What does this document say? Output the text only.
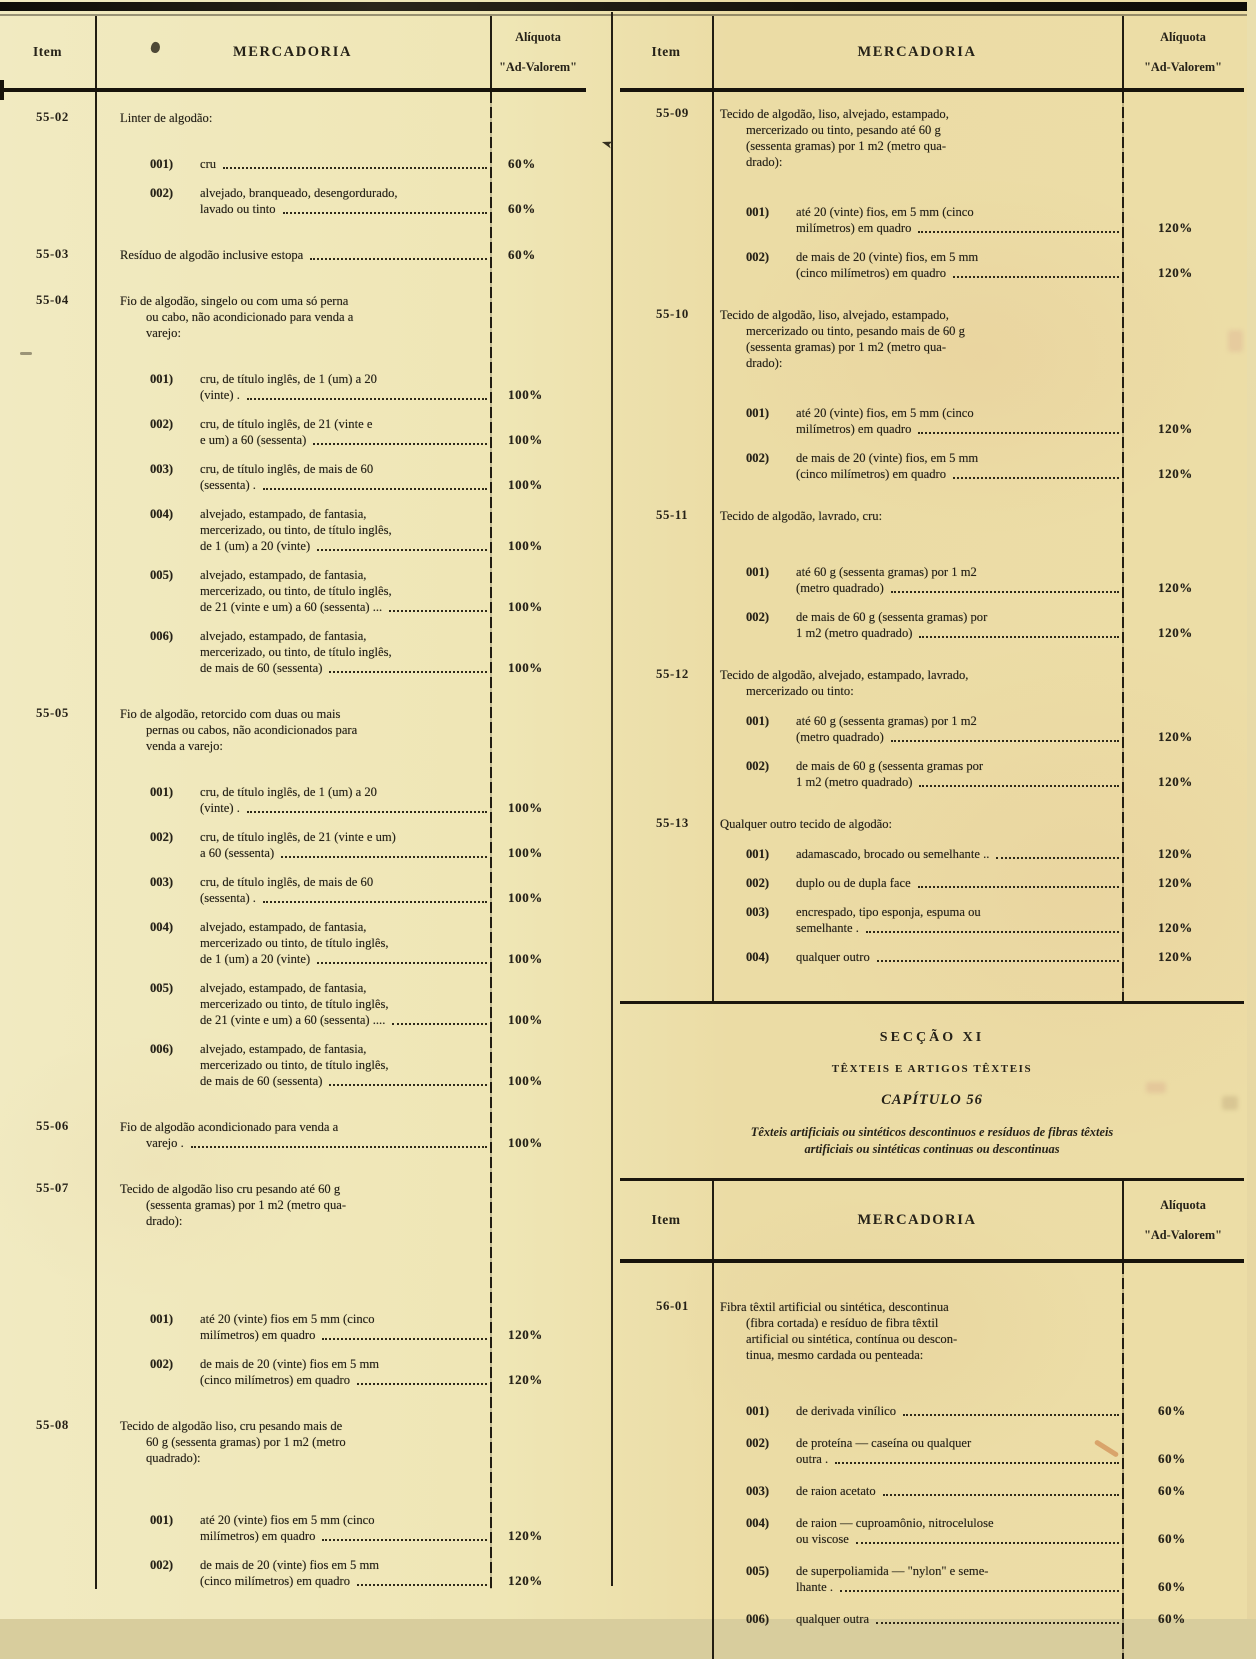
Item	MERCADORIA
Alíquota
"Ad-Valorem"
55-02	Linter de algodão:
001) cru	60%
002) alvejado, branqueado, desengordurado,
lavado ou tinto	60%
55-03	Resíduo de algodão inclusive estopa	60%
55-04	Fio de algodão, singelo ou com uma só perna
ou cabo, não acondicionado para venda a
varejo:
001) cru, de título inglês, de 1 (um) a 20
(vinte) .	100%
002) cru, de título inglês, de 21 (vinte e
e um) a 60 (sessenta)	100%
003) cru, de título inglês, de mais de 60
(sessenta) .	100%
004) alvejado, estampado, de fantasia,
mercerizado, ou tinto, de título inglês,
de 1 (um) a 20 (vinte)	100%
005) alvejado, estampado, de fantasia,
mercerizado, ou tinto, de título inglês,
de 21 (vinte e um) a 60 (sessenta) ...	100%
006) alvejado, estampado, de fantasia,
mercerizado, ou tinto, de título inglês,
de mais de 60 (sessenta)	100%
55-05	Fio de algodão, retorcido com duas ou mais
pernas ou cabos, não acondicionados para
venda a varejo:
001) cru, de título inglês, de 1 (um) a 20
(vinte) .	100%
002) cru, de título inglês, de 21 (vinte e um)
a 60 (sessenta)	100%
003) cru, de título inglês, de mais de 60
(sessenta) .	100%
004) alvejado, estampado, de fantasia,
mercerizado ou tinto, de título inglês,
de 1 (um) a 20 (vinte)	100%
005) alvejado, estampado, de fantasia,
mercerizado ou tinto, de título inglês,
de 21 (vinte e um) a 60 (sessenta) ....	100%
006) alvejado, estampado, de fantasia,
mercerizado ou tinto, de título inglês,
de mais de 60 (sessenta)	100%
55-06	Fio de algodão acondicionado para venda a
varejo .	100%
55-07	Tecido de algodão liso cru pesando até 60 g
(sessenta gramas) por 1 m2 (metro qua-
drado):
001) até 20 (vinte) fios em 5 mm (cinco
milímetros) em quadro	120%
002) de mais de 20 (vinte) fios em 5 mm
(cinco milímetros) em quadro	120%
55-08	Tecido de algodão liso, cru pesando mais de
60 g (sessenta gramas) por 1 m2 (metro
quadrado):
001) até 20 (vinte) fios em 5 mm (cinco
milímetros) em quadro	120%
002) de mais de 20 (vinte) fios em 5 mm
(cinco milímetros) em quadro	120%
Item	MERCADORIA
Alíquota
"Ad-Valorem"
55-09	Tecido de algodão, liso, alvejado, estampado,
mercerizado ou tinto, pesando até 60 g
(sessenta gramas) por 1 m2 (metro qua-
drado):
001) até 20 (vinte) fios, em 5 mm (cinco
milímetros) em quadro	120%
002) de mais de 20 (vinte) fios, em 5 mm
(cinco milímetros) em quadro	120%
55-10	Tecido de algodão, liso, alvejado, estampado,
mercerizado ou tinto, pesando mais de 60 g
(sessenta gramas) por 1 m2 (metro qua-
drado):
001) até 20 (vinte) fios, em 5 mm (cinco
milímetros) em quadro	120%
002) de mais de 20 (vinte) fios, em 5 mm
(cinco milímetros) em quadro	120%
55-11	Tecido de algodão, lavrado, cru:
001) até 60 g (sessenta gramas) por 1 m2
(metro quadrado)	120%
002) de mais de 60 g (sessenta gramas) por
1 m2 (metro quadrado)	120%
55-12	Tecido de algodão, alvejado, estampado, lavrado,
mercerizado ou tinto:
001) até 60 g (sessenta gramas) por 1 m2
(metro quadrado)	120%
002) de mais de 60 g (sessenta gramas por
1 m2 (metro quadrado)	120%
55-13	Qualquer outro tecido de algodão:
001) adamascado, brocado ou semelhante ..	120%
002) duplo ou de dupla face	120%
003) encrespado, tipo esponja, espuma ou
semelhante .	120%
004) qualquer outro	120%
SECÇÃO XI
TÊXTEIS E ARTIGOS TÊXTEIS
CAPÍTULO 56
Têxteis artificiais ou sintéticos descontinuos e resíduos de fibras têxteis
artificiais ou sintéticas continuas ou descontinuas
Item	MERCADORIA
Alíquota
"Ad-Valorem"
56-01	Fibra têxtil artificial ou sintética, descontinua
(fibra cortada) e resíduo de fibra têxtil
artificial ou sintética, contínua ou descon-
tinua, mesmo cardada ou penteada:
001) de derivada vinílico	60%
002) de proteína — caseína ou qualquer
outra .	60%
003) de raion acetato	60%
004) de raion — cuproamônio, nitrocelulose
ou viscose	60%
005) de superpoliamida — "nylon" e seme-
lhante .	60%
006) qualquer outra	60%
➤
